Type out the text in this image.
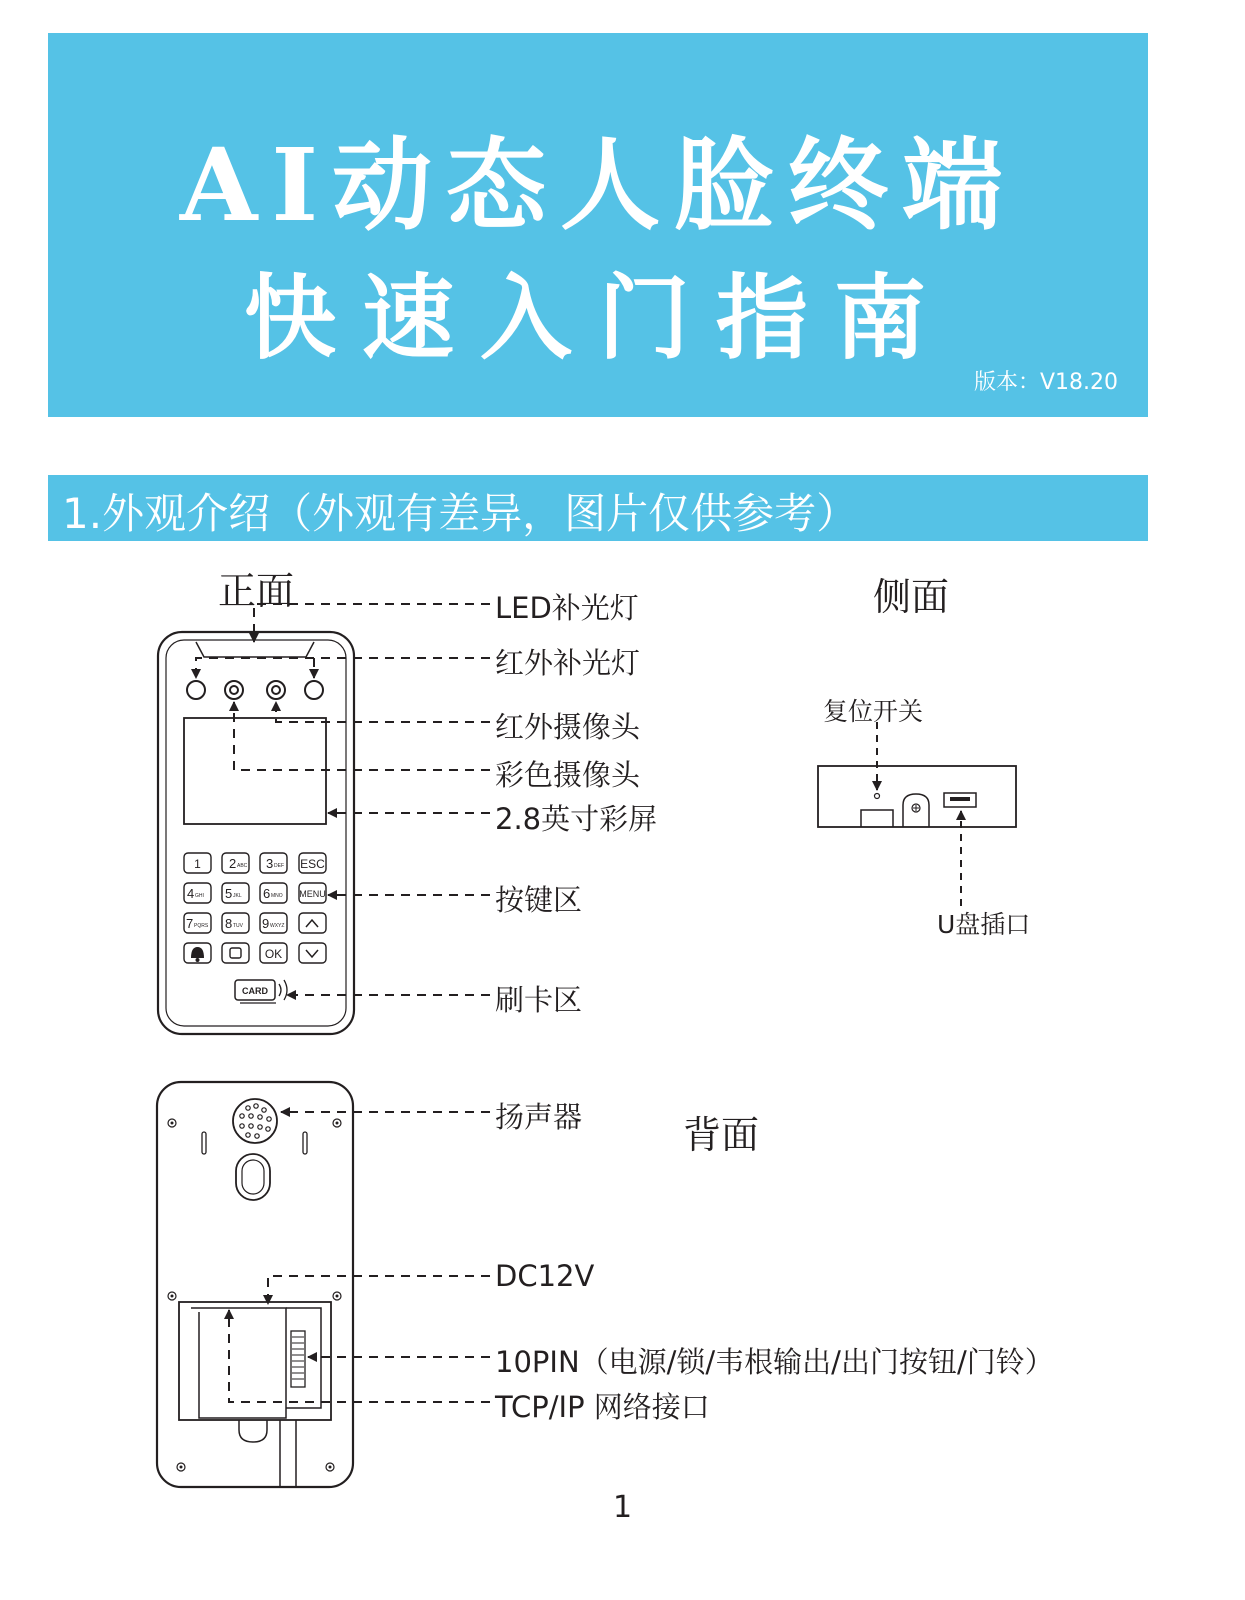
AI动态人脸终端
快速入门指南
版本：V18.20
1.外观介绍（外观有差异，图片仅供参考）
1 2 ABC 3 DEF ESC
4 GHI 5 JKL 6 MNO MENU
7 PQRS 8 TUV 9 WXYZ
OK
CARD
正面	侧面
背面
LED补光灯
红外补光灯
红外摄像头
彩色摄像头
2.8英寸彩屏
按键区
刷卡区
复位开关
U盘插口
扬声器
DC12V
10PIN（电源/锁/韦根输出/出门按钮/门铃）
TCP/IP 网络接口
1
